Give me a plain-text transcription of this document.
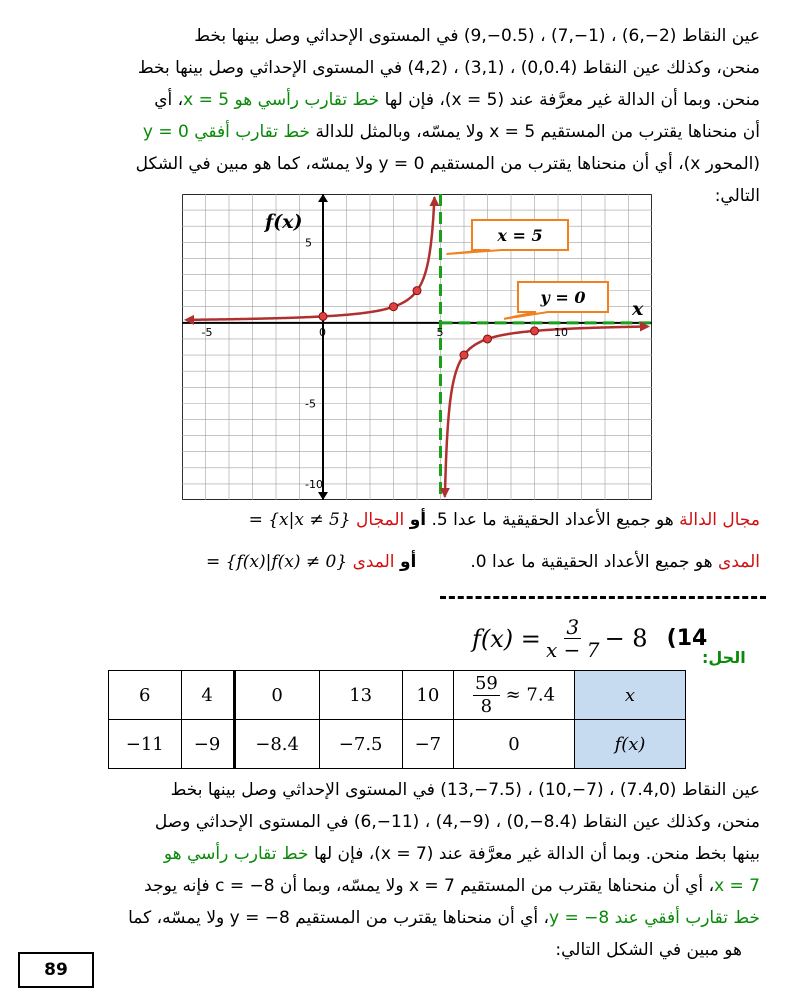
عين النقاط (2−,6) ، (1−,7) ، (0.5−,9) في المستوى الإحداثي وصل بينها بخط
منحن، وكذلك عين النقاط (0,0.4) ، (3,1) ، (4,2) في المستوى الإحداثي وصل بينها بخط
منحن. وبما أن الدالة غير معرَّفة عند (x = 5)، فإن لها خط تقارب رأسي هو x = 5، أي
أن منحناها يقترب من المستقيم x = 5 ولا يمسّه، وبالمثل للدالة خط تقارب أفقي y = 0
(المحور x)، أي أن منحناها يقترب من المستقيم y = 0 ولا يمسّه، كما هو مبين في الشكل
التالي:
-5	0	5	10
5
-5
-10
f(x)
x
x = 5
y = 0
مجال الدالة هو جميع الأعداد الحقيقية ما عدا 5. أو المجال = {x|x ≠ 5}
المدى هو جميع الأعداد الحقيقية ما عدا 0.          أو المدى = {f(x)|f(x) ≠ 0}
$f(x) = \frac{3}{x - 7} - 8$ (14
الحل:
6	4	0	13	10	$\frac{59}{8} \approx 7.4$	x
−11	−9	−8.4	−7.5	−7	0	f(x)
عين النقاط (7.4,0) ، (7−,10) ، (7.5−,13) في المستوى الإحداثي وصل بينها بخط
منحن، وكذلك عين النقاط (8.4−,0) ، (9−,4) ، (11−,6) في المستوى الإحداثي وصل
بينها بخط منحن. وبما أن الدالة غير معرَّفة عند (x = 7)، فإن لها خط تقارب رأسي هو
x = 7، أي أن منحناها يقترب من المستقيم x = 7 ولا يمسّه، وبما أن c = −8 فإنه يوجد
خط تقارب أفقي عند y = −8، أي أن منحناها يقترب من المستقيم y = −8 ولا يمسّه، كما
هو مبين في الشكل التالي:
89
